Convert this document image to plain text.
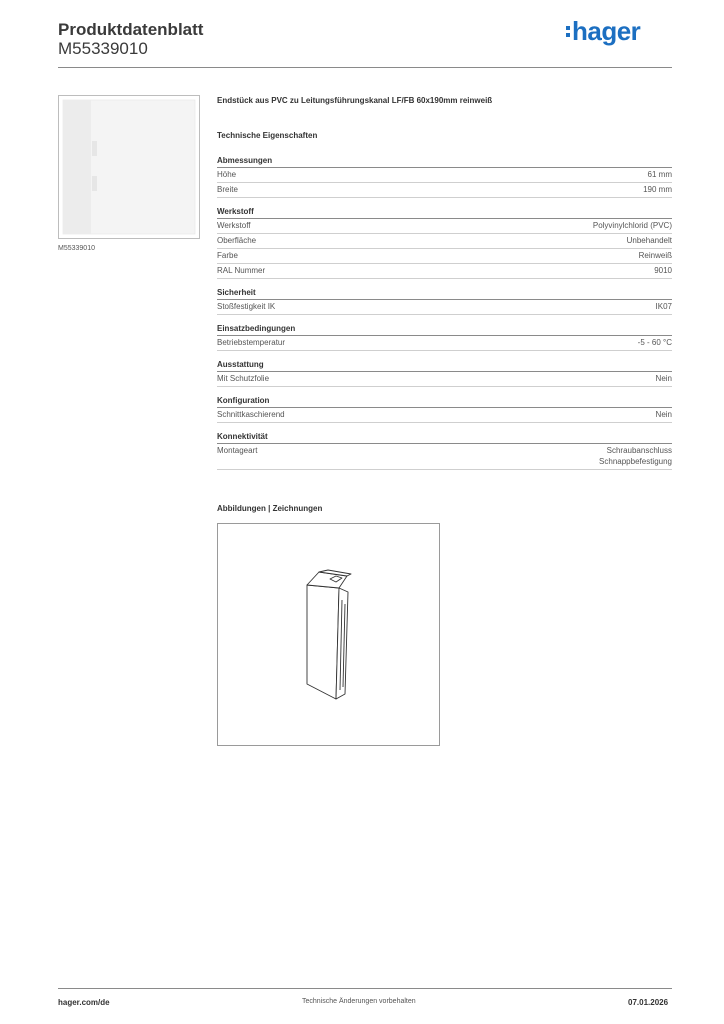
Produktdatenblatt
M55339010
hager
M55339010
Endstück aus PVC zu Leitungsführungskanal LF/FB 60x190mm reinweiß
Technische Eigenschaften
Abmessungen
Höhe	61 mm
Breite	190 mm
Werkstoff
Werkstoff	Polyvinylchlorid (PVC)
Oberfläche	Unbehandelt
Farbe	Reinweiß
RAL Nummer	9010
Sicherheit
Stoßfestigkeit IK	IK07
Einsatzbedingungen
Betriebstemperatur	-5 - 60 °C
Ausstattung
Mit Schutzfolie	Nein
Konfiguration
Schnittkaschierend	Nein
Konnektivität
Montageart	Schraubanschluss
Schnappbefestigung
Abbildungen | Zeichnungen
hager.com/de	Technische Änderungen vorbehalten	07.01.2026
